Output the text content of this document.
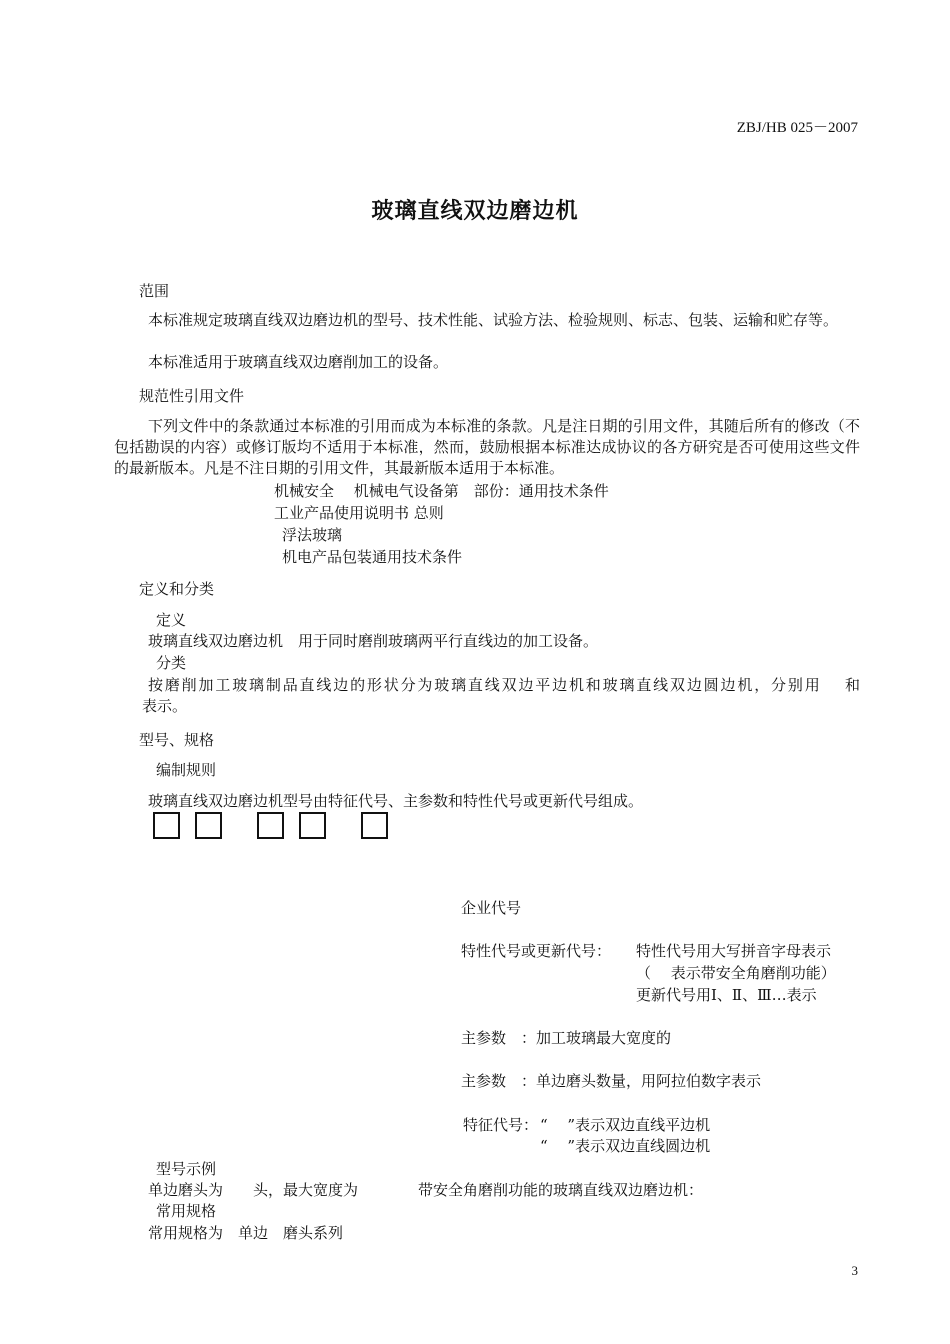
ZBJ/HB 025－2007
玻璃直线双边磨边机
范围
本标准规定玻璃直线双边磨边机的型号、技术性能、试验方法、检验规则、标志、包装、运输和贮存等。
本标准适用于玻璃直线双边磨削加工的设备。
规范性引用文件
下列文件中的条款通过本标准的引用而成为本标准的条款。凡是注日期的引用文件，其随后所有的修改（不包括勘误的内容）或修订版均不适用于本标准，然而，鼓励根据本标准达成协议的各方研究是否可使用这些文件的最新版本。凡是不注日期的引用文件，其最新版本适用于本标准。
机械安全　 机械电气设备第　部份：通用技术条件
工业产品使用说明书 总则
浮法玻璃
机电产品包装通用技术条件
定义和分类
定义
玻璃直线双边磨边机　用于同时磨削玻璃两平行直线边的加工设备。
分类
按磨削加工玻璃制品直线边的形状分为玻璃直线双边平边机和玻璃直线双边圆边机，分别用　 和
表示。
型号、规格
编制规则
玻璃直线双边磨边机型号由特征代号、主参数和特性代号或更新代号组成。
企业代号
特性代号或更新代号： 特性代号用大写拼音字母表示
（　 表示带安全角磨削功能）
更新代号用Ⅰ、Ⅱ、Ⅲ…表示
主参数　：加工玻璃最大宽度的
主参数　：单边磨头数量，用阿拉伯数字表示
特征代号： “　 ”表示双边直线平边机
“　 ”表示双边直线圆边机
型号示例
单边磨头为　　头，最大宽度为　　　　带安全角磨削功能的玻璃直线双边磨边机：
常用规格
常用规格为　单边　磨头系列
3
